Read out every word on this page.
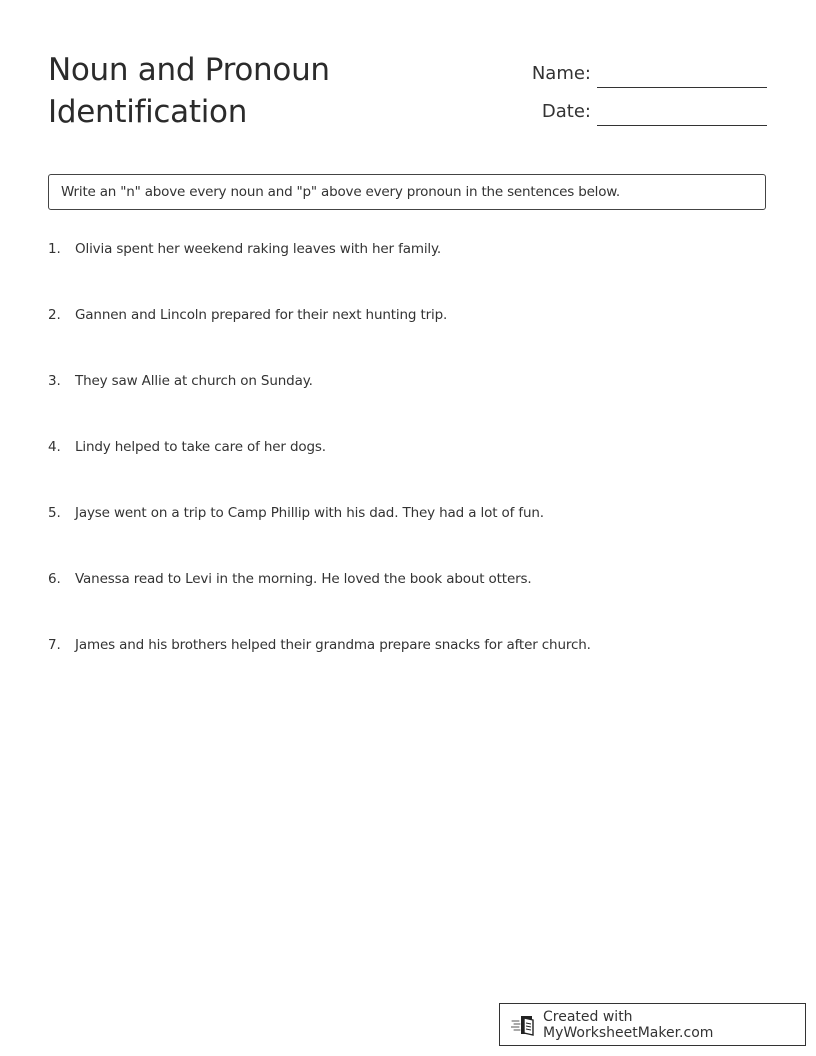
Noun and Pronoun Identification
Name:
Date:
Write an "n" above every noun and "p" above every pronoun in the sentences below.
1.	Olivia spent her weekend raking leaves with her family.
2.	Gannen and Lincoln prepared for their next hunting trip.
3.	They saw Allie at church on Sunday.
4.	Lindy helped to take care of her dogs.
5.	Jayse went on a trip to Camp Phillip with his dad. They had a lot of fun.
6.	Vanessa read to Levi in the morning. He loved the book about otters.
7.	James and his brothers helped their grandma prepare snacks for after church.
Created with MyWorksheetMaker.com
